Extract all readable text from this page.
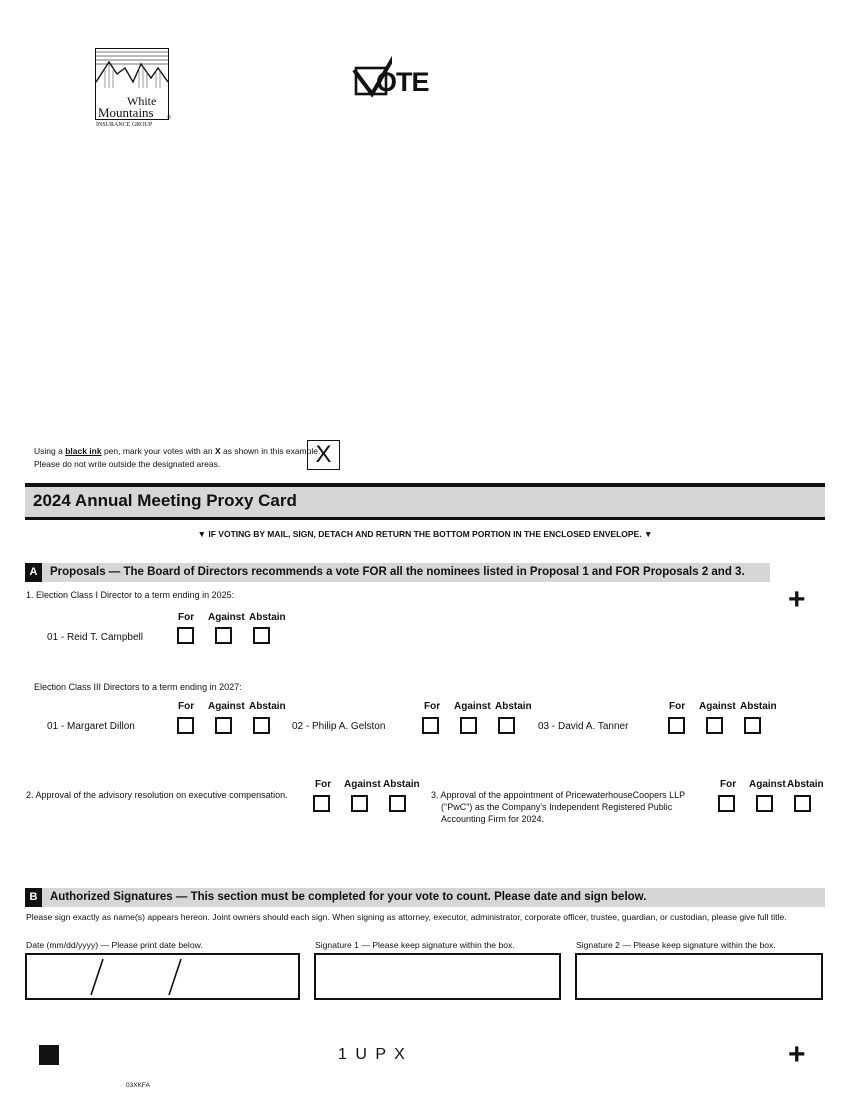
White
Mountains	®
INSURANCE GROUP
OTE
Using a black ink pen, mark your votes with an X as shown in this example.
Please do not write outside the designated areas.	X
2024 Annual Meeting Proxy Card
▼ IF VOTING BY MAIL, SIGN, DETACH AND RETURN THE BOTTOM PORTION IN THE ENCLOSED ENVELOPE. ▼
A	Proposals — The Board of Directors recommends a vote FOR all the nominees listed in Proposal 1 and FOR Proposals 2 and 3.
+
1. Election Class I Director to a term ending in 2025:
For Against Abstain
01 - Reid T. Campbell
Election Class III Directors to a term ending in 2027:
For Against Abstain
01 - Margaret Dillon
For Against Abstain
02 - Philip A. Gelston
For Against Abstain
03 - David A. Tanner
2. Approval of the advisory resolution on executive compensation.
For Against Abstain
3. Approval of the appointment of PricewaterhouseCoopers LLP
("PwC") as the Company's Independent Registered Public
Accounting Firm for 2024.
For Against Abstain
B	Authorized Signatures — This section must be completed for your vote to count. Please date and sign below.
Please sign exactly as name(s) appears hereon. Joint owners should each sign. When signing as attorney, executor, administrator, corporate officer, trustee, guardian, or custodian, please give full title.
Date (mm/dd/yyyy) — Please print date below.	Signature 1 — Please keep signature within the box.	Signature 2 — Please keep signature within the box.
1 U P X	+
03XKFA
